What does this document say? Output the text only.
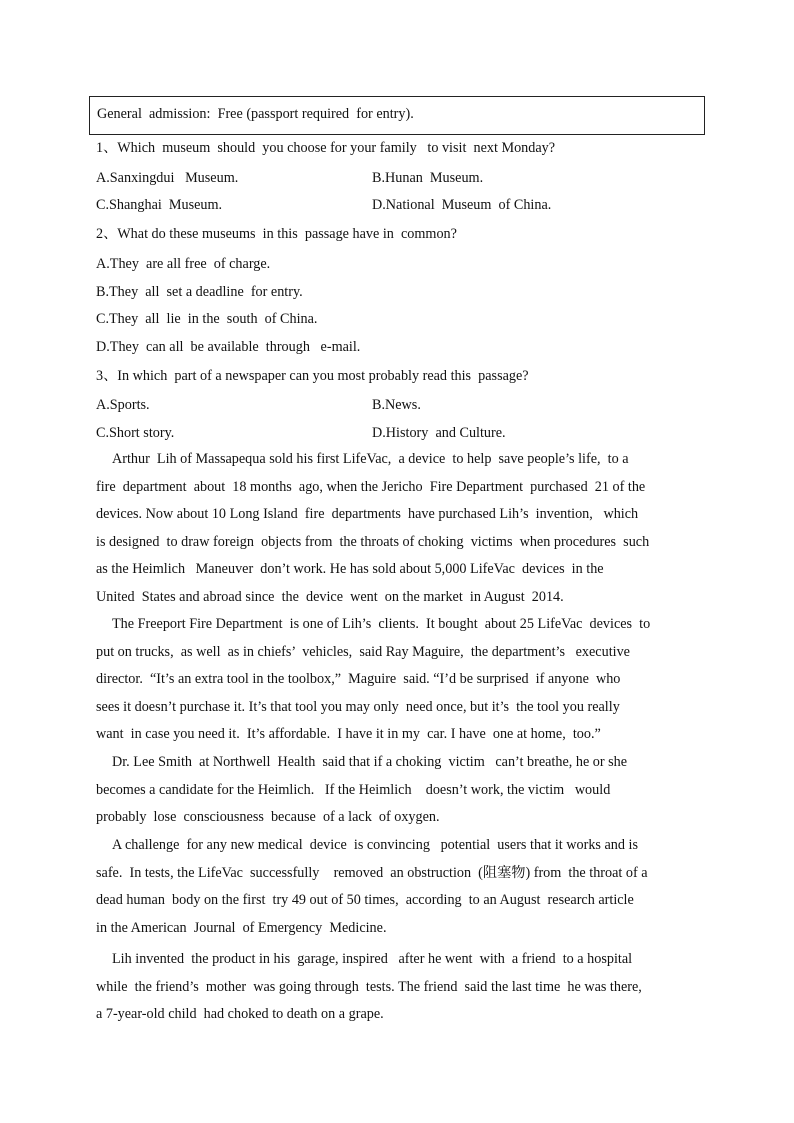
General  admission:  Free (passport required  for entry).
1、Which  museum  should  you choose for your family   to visit  next Monday?
A.Sanxingdui   Museum.	B.Hunan  Museum.
C.Shanghai  Museum.	D.National  Museum  of China.
2、What do these museums  in this  passage have in  common?
A.They  are all free  of charge.
B.They  all  set a deadline  for entry.
C.They  all  lie  in the  south  of China.
D.They  can all  be available  through   e-mail.
3、In which  part of a newspaper can you most probably read this  passage?
A.Sports.	B.News.
C.Short story.	D.History  and Culture.
Arthur  Lih of Massapequa sold his first LifeVac,  a device  to help  save people’s life,  to a
fire  department  about  18 months  ago, when the Jericho  Fire Department  purchased  21 of the
devices. Now about 10 Long Island  fire  departments  have purchased Lih’s  invention,   which
is designed  to draw foreign  objects from  the throats of choking  victims  when procedures  such
as the Heimlich   Maneuver  don’t work. He has sold about 5,000 LifeVac  devices  in the
United  States and abroad since  the  device  went  on the market  in August  2014.
The Freeport Fire Department  is one of Lih’s  clients.  It bought  about 25 LifeVac  devices  to
put on trucks,  as well  as in chiefs’  vehicles,  said Ray Maguire,  the department’s   executive
director.  “It’s an extra tool in the toolbox,”  Maguire  said. “I’d be surprised  if anyone  who
sees it doesn’t purchase it. It’s that tool you may only  need once, but it’s  the tool you really
want  in case you need it.  It’s affordable.  I have it in my  car. I have  one at home,  too.”
Dr. Lee Smith  at Northwell  Health  said that if a choking  victim   can’t breathe, he or she
becomes a candidate for the Heimlich.   If the Heimlich    doesn’t work, the victim   would
probably  lose  consciousness  because  of a lack  of oxygen.
A challenge  for any new medical  device  is convincing   potential  users that it works and is
safe.  In tests, the LifeVac  successfully    removed  an obstruction  (阻塞物) from  the throat of a
dead human  body on the first  try 49 out of 50 times,  according  to an August  research article
in the American  Journal  of Emergency  Medicine.
Lih invented  the product in his  garage, inspired   after he went  with  a friend  to a hospital
while  the friend’s  mother  was going through  tests. The friend  said the last time  he was there,
a 7-year-old child  had choked to death on a grape.
